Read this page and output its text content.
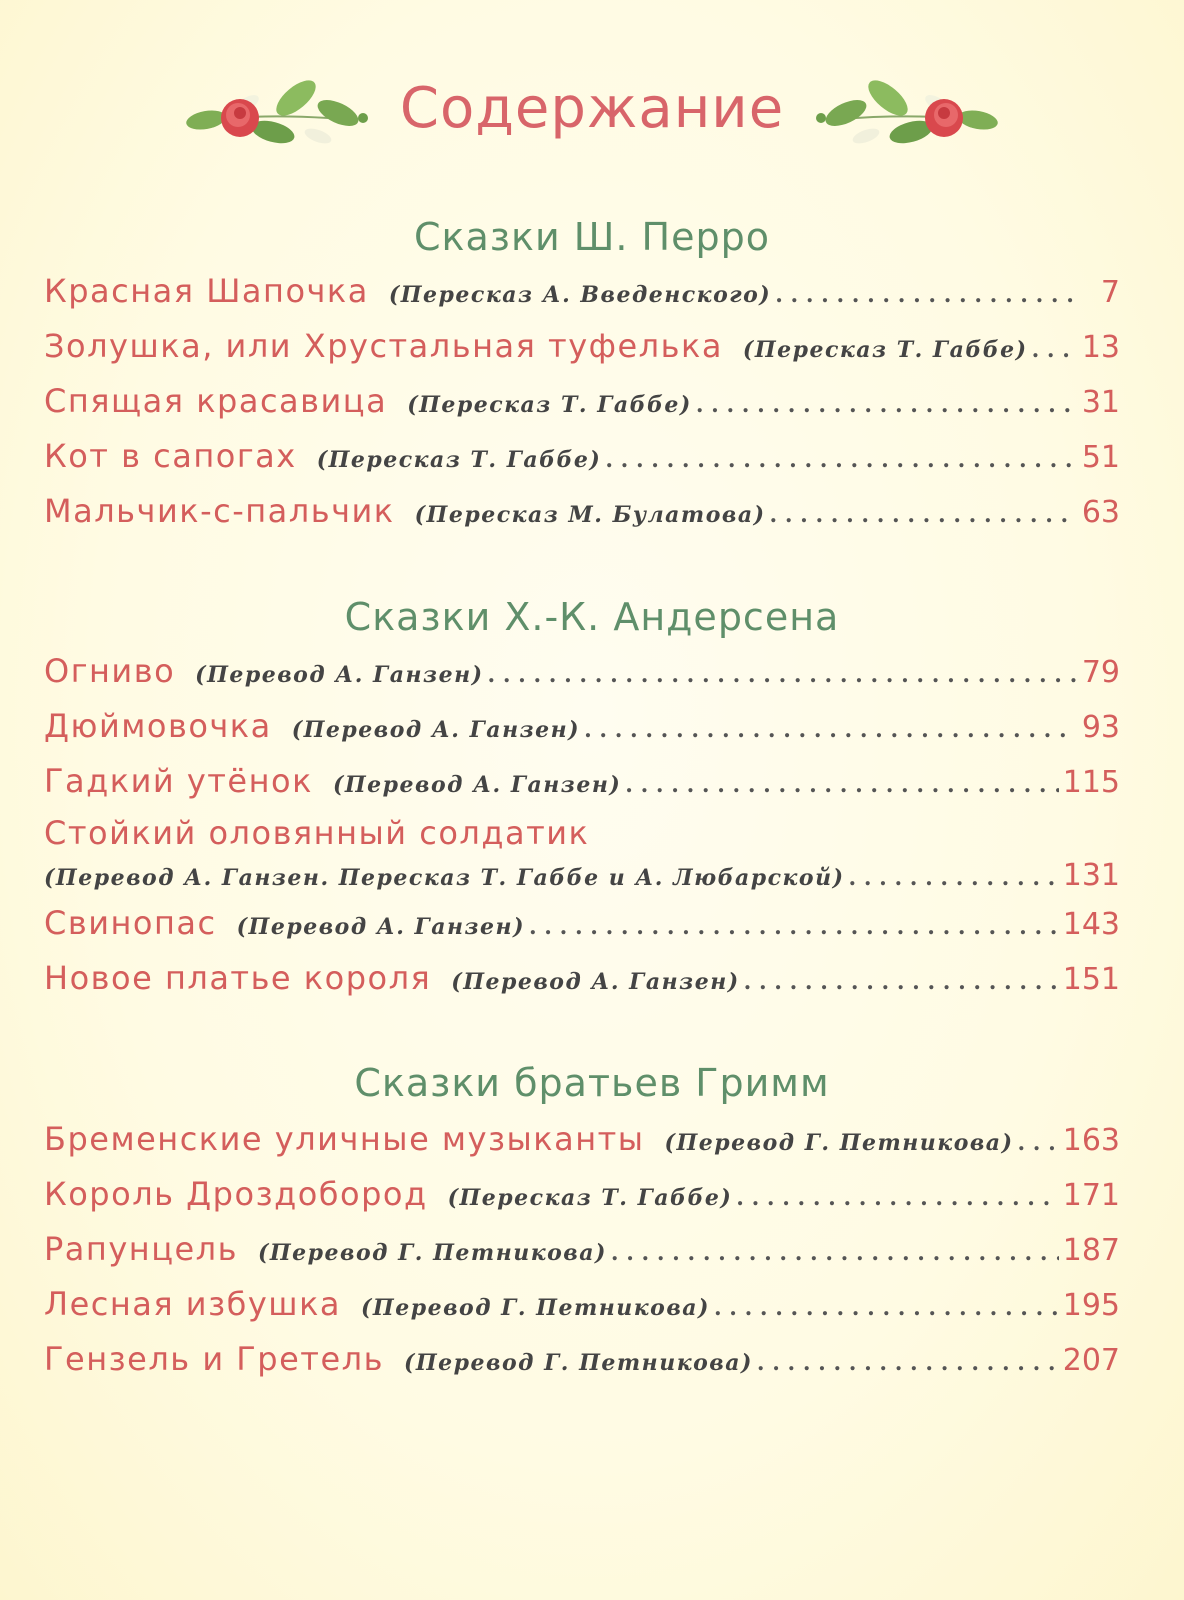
Содержание
Сказки Ш. Перро
Красная Шапочка (Пересказ А. Введенского) . . .	7
Золушка, или Хрустальная туфелька (Пересказ Т. Габбе) . . . 13
Спящая красавица (Пересказ Т. Габбе) . . .	31
Кот в сапогах (Пересказ Т. Габбе) . . .	51
Мальчик-с-пальчик (Пересказ М. Булатова) . . .	63
Сказки Х.-К. Андерсена
Огниво (Перевод А. Ганзен) . . .	79
Дюймовочка (Перевод А. Ганзен) . . .	93
Гадкий утёнок (Перевод А. Ганзен) . . .	115
Стойкий оловянный солдатик
(Перевод А. Ганзен. Пересказ Т. Габбе и А. Любарской) . . .	131
Свинопас (Перевод А. Ганзен) . . .	143
Новое платье короля (Перевод А. Ганзен) . . .	151
Сказки братьев Гримм
Бременские уличные музыканты (Перевод Г. Петникова) . . . 163
Король Дроздобород (Пересказ Т. Габбе) . . .	171
Рапунцель (Перевод Г. Петникова) . . .	187
Лесная избушка (Перевод Г. Петникова) . . .	195
Гензель и Гретель (Перевод Г. Петникова) . . .	207
